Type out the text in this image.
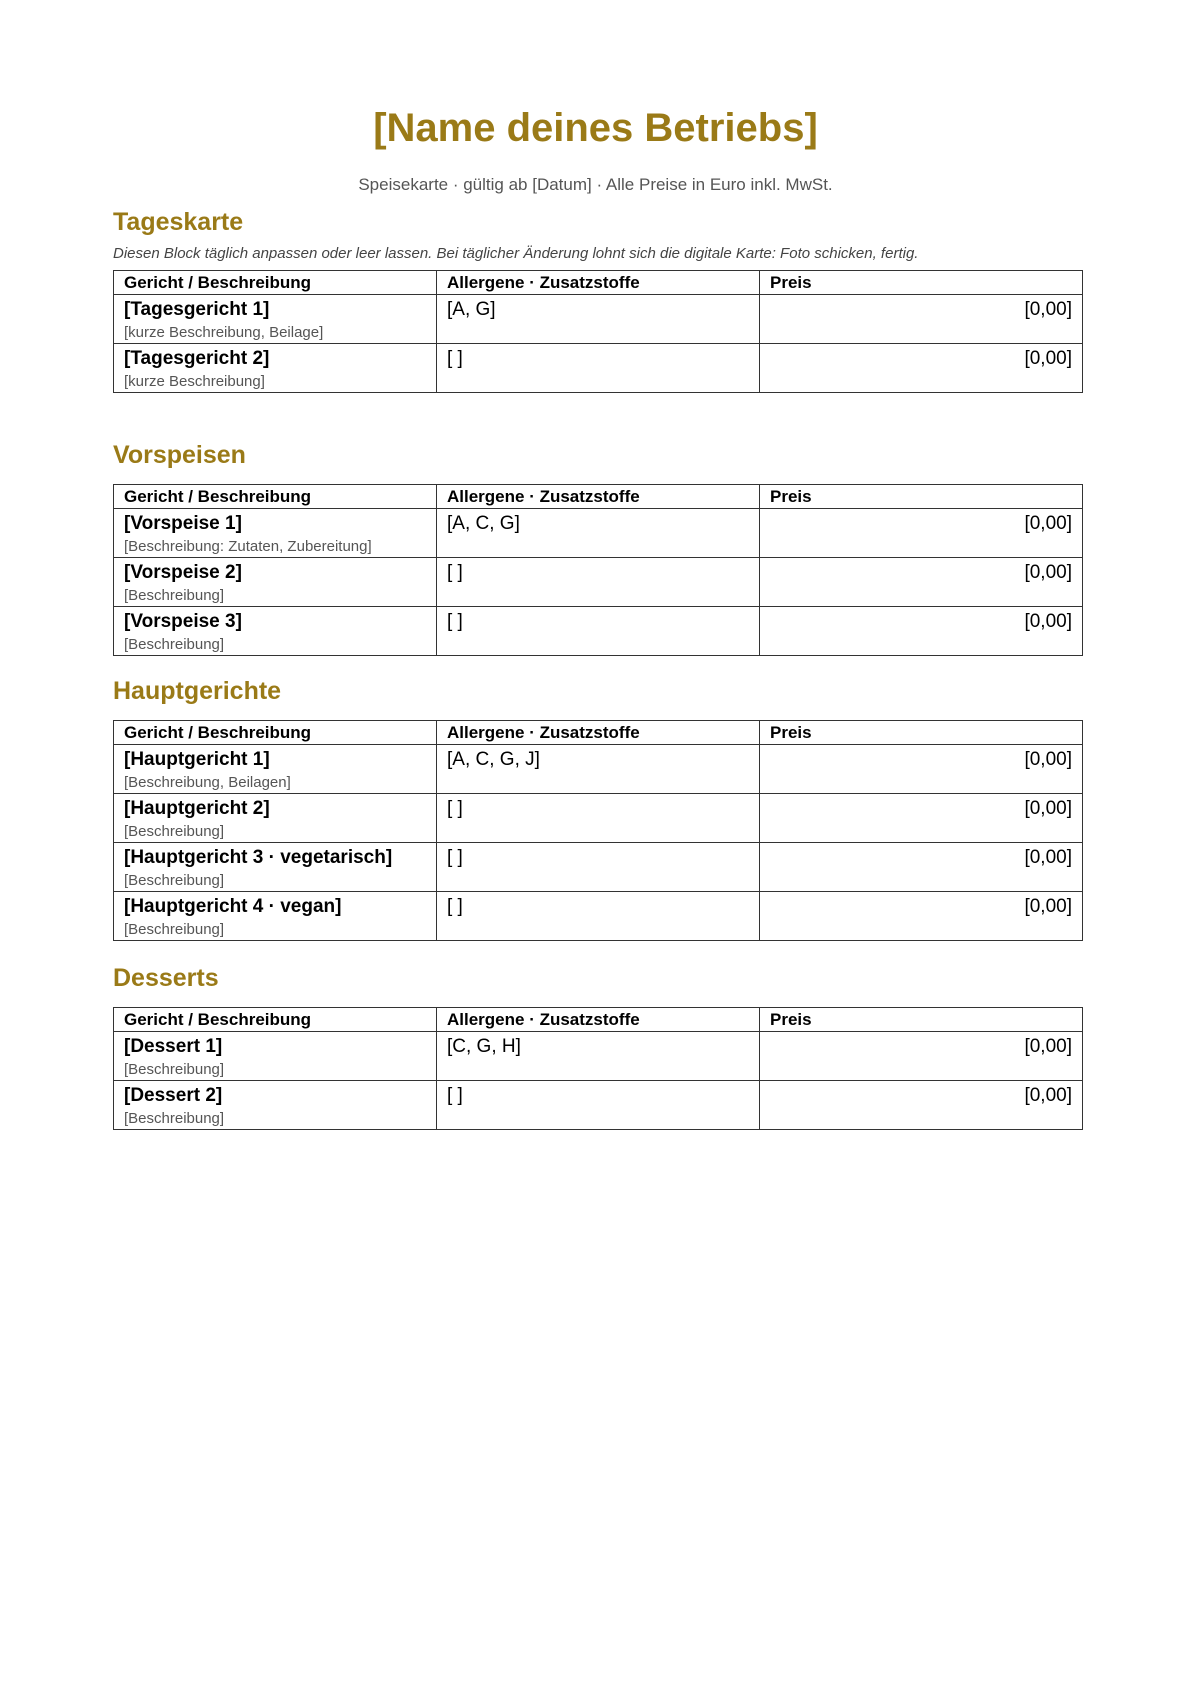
[Name deines Betriebs]
Speisekarte · gültig ab [Datum] · Alle Preise in Euro inkl. MwSt.
Tageskarte
Diesen Block täglich anpassen oder leer lassen. Bei täglicher Änderung lohnt sich die digitale Karte: Foto schicken, fertig.
Gericht / Beschreibung	Allergene · Zusatzstoffe	Preis

[Tagesgericht 1]
[kurze Beschreibung, Beilage]	[A, G]	[0,00]

[Tagesgericht 2]
[kurze Beschreibung]	[ ]	[0,00]
Vorspeisen
Gericht / Beschreibung	Allergene · Zusatzstoffe	Preis

[Vorspeise 1]
[Beschreibung: Zutaten, Zubereitung]	[A, C, G]	[0,00]

[Vorspeise 2]
[Beschreibung]	[ ]	[0,00]

[Vorspeise 3]
[Beschreibung]	[ ]	[0,00]
Hauptgerichte
Gericht / Beschreibung	Allergene · Zusatzstoffe	Preis

[Hauptgericht 1]
[Beschreibung, Beilagen]	[A, C, G, J]	[0,00]

[Hauptgericht 2]
[Beschreibung]	[ ]	[0,00]

[Hauptgericht 3 · vegetarisch]
[Beschreibung]	[ ]	[0,00]

[Hauptgericht 4 · vegan]
[Beschreibung]	[ ]	[0,00]
Desserts
Gericht / Beschreibung	Allergene · Zusatzstoffe	Preis

[Dessert 1]
[Beschreibung]	[C, G, H]	[0,00]

[Dessert 2]
[Beschreibung]	[ ]	[0,00]
